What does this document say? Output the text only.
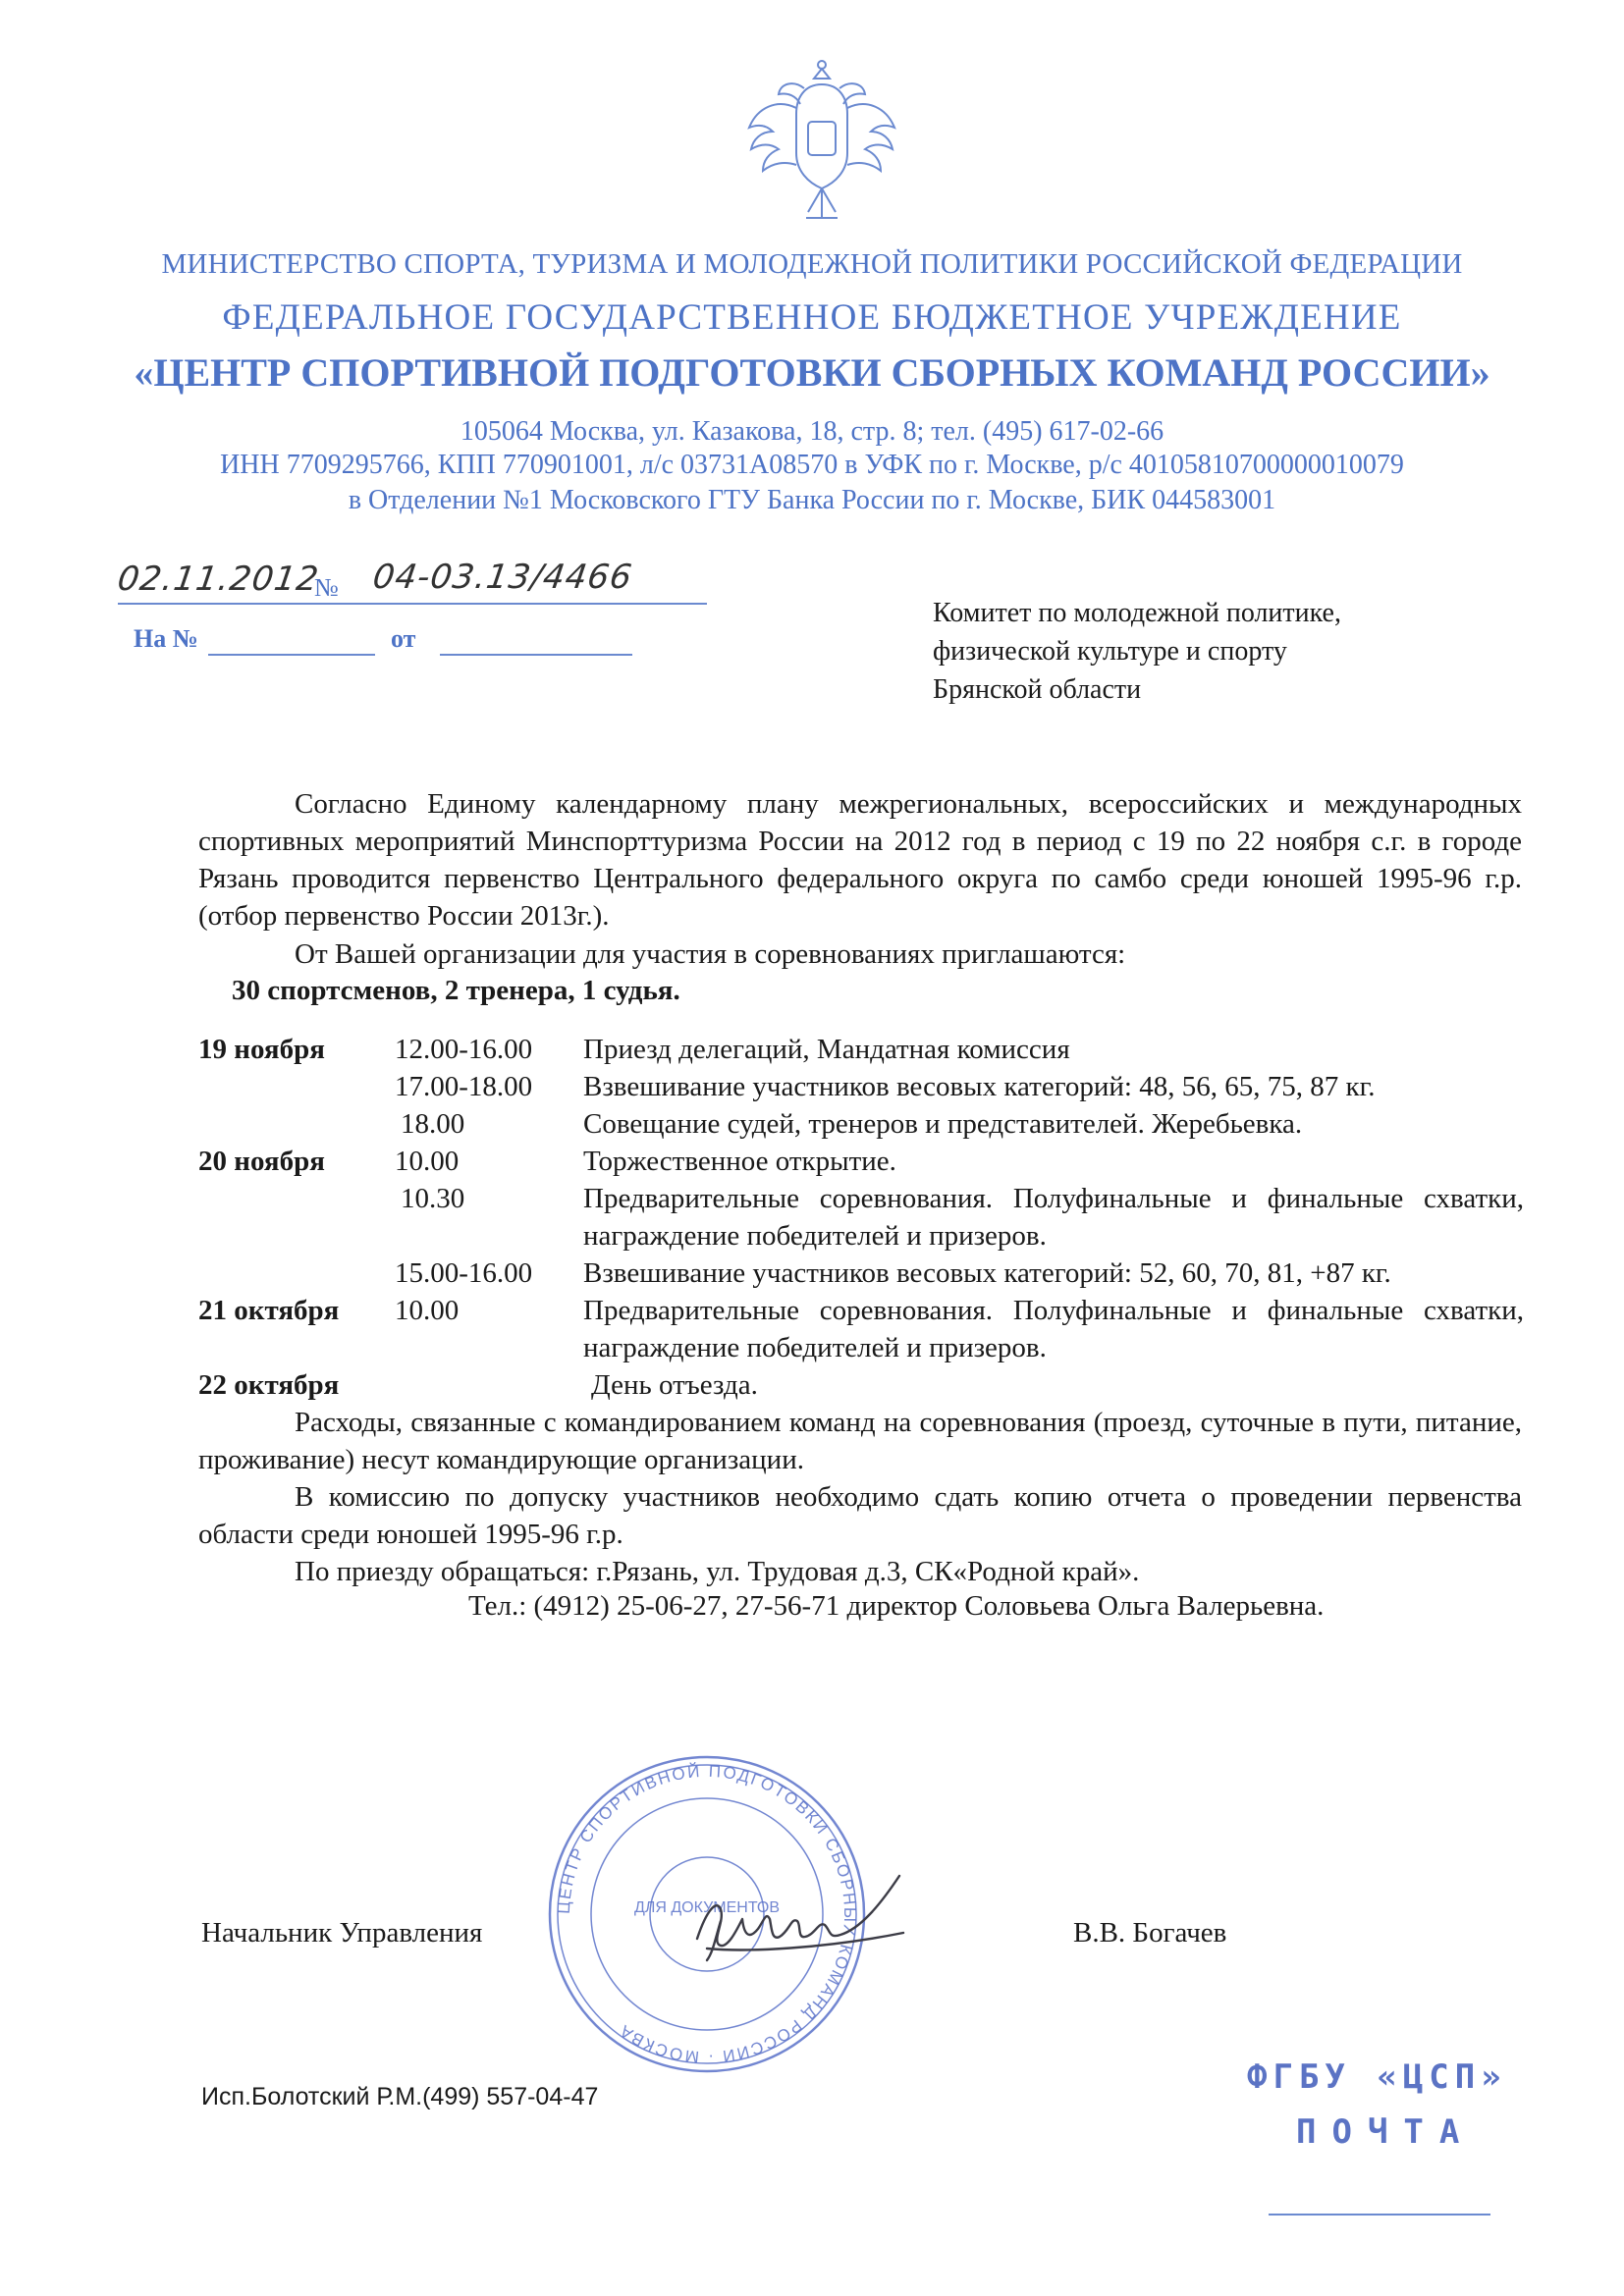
МИНИСТЕРСТВО СПОРТА, ТУРИЗМА И МОЛОДЕЖНОЙ ПОЛИТИКИ РОССИЙСКОЙ ФЕДЕРАЦИИ
ФЕДЕРАЛЬНОЕ ГОСУДАРСТВЕННОЕ БЮДЖЕТНОЕ УЧРЕЖДЕНИЕ
«ЦЕНТР СПОРТИВНОЙ ПОДГОТОВКИ СБОРНЫХ КОМАНД РОССИИ»
105064 Москва, ул. Казакова, 18, стр. 8; тел. (495) 617-02-66
ИНН 7709295766, КПП 770901001, л/с 03731А08570 в УФК по г. Москве, р/с 40105810700000010079
в Отделении №1 Московского ГТУ Банка России по г. Москве, БИК 044583001
02.11.2012
№ 04-03.13/4466
На №	от
Комитет по молодежной политике,
физической культуре и спорту
Брянской области
Согласно Единому календарному плану межрегиональных, всероссийских и международных спортивных мероприятий Минспорттуризма России на 2012 год в период с 19 по 22 ноября с.г. в городе Рязань проводится первенство Центрального федерального округа по самбо среди юношей 1995-96 г.р. (отбор первенство России 2013г.).
От Вашей организации для участия в соревнованиях приглашаются:
30 спортсменов, 2 тренера, 1 судья.
19 ноября	12.00-16.00	Приезд делегаций, Мандатная комиссия
17.00-18.00	Взвешивание участников весовых категорий: 48, 56, 65, 75, 87 кг.
18.00	Совещание судей, тренеров и представителей. Жеребьевка.
20 ноября	10.00	Торжественное открытие.
10.30	Предварительные соревнования. Полуфинальные и финальные схватки, награждение победителей и призеров.
15.00-16.00	Взвешивание участников весовых категорий: 52, 60, 70, 81, +87 кг.
21 октября	10.00	Предварительные соревнования. Полуфинальные и финальные схватки, награждение победителей и призеров.
22 октября	День отъезда.
Расходы, связанные с командированием команд на соревнования (проезд, суточные в пути, питание, проживание) несут командирующие организации.
В комиссию по допуску участников необходимо сдать копию отчета о проведении первенства области среди юношей 1995-96 г.р.
По приезду обращаться: г.Рязань, ул. Трудовая д.3, СК«Родной край».
Тел.: (4912) 25-06-27, 27-56-71 директор Соловьева Ольга Валерьевна.
ЦЕНТР СПОРТИВНОЙ ПОДГОТОВКИ СБОРНЫХ КОМАНД РОССИИ · МОСКВА
ДЛЯ ДОКУМЕНТОВ
Начальник Управления	В.В. Богачев
Исп.Болотский Р.М.(499) 557-04-47	ФГБУ «ЦСП»
ПОЧТА
